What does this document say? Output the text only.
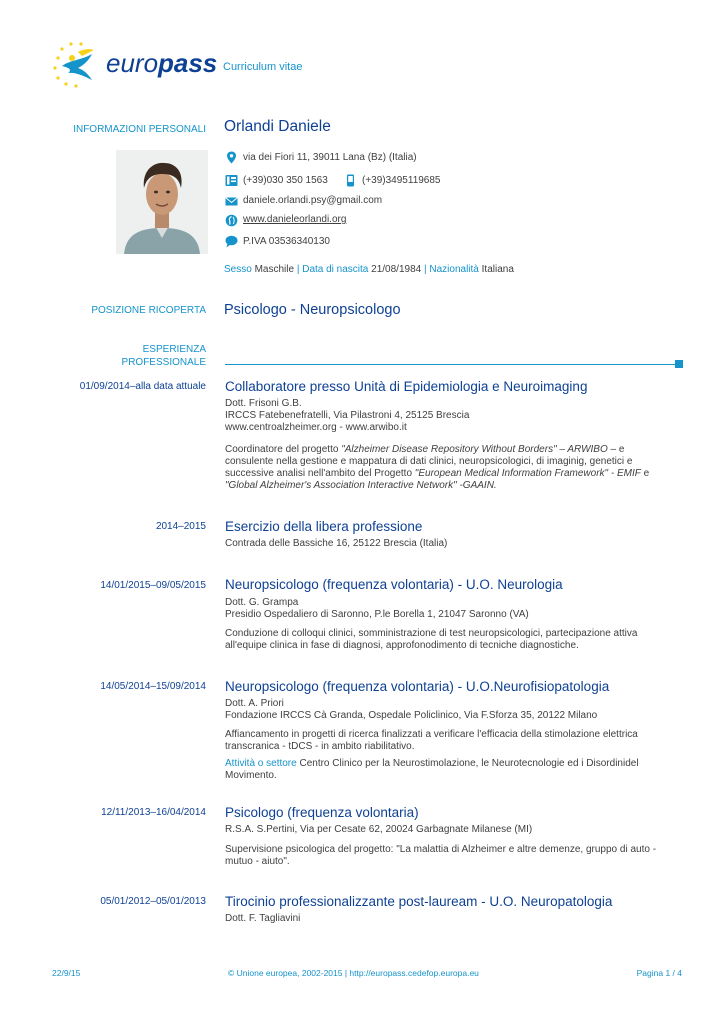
euro pass Curriculum vitae
INFORMAZIONI PERSONALI Orlandi Daniele
via dei Fiori 11, 39011 Lana (Bz) (Italia)
(+39)030 350 1563	(+39)3495119685
daniele.orlandi.psy@gmail.com
www.danieleorlandi.org
P.IVA 03536340130
Sesso Maschile | Data di nascita 21/08/1984 | Nazionalità Italiana
POSIZIONE RICOPERTA Psicologo - Neuropsicologo
ESPERIENZA
PROFESSIONALE
01/09/2014–alla data attuale Collaboratore presso Unità di Epidemiologia e Neuroimaging
Dott. Frisoni G.B.
IRCCS Fatebenefratelli, Via Pilastroni 4, 25125 Brescia
www.centroalzheimer.org - www.arwibo.it
Coordinatore del progetto "Alzheimer Disease Repository Without Borders" – ARWIBO – e consulente nella gestione e mappatura di dati clinici, neuropsicologici, di imaginig, genetici e successive analisi nell'ambito del Progetto "European Medical Information Framework" - EMIF e "Global Alzheimer's Association Interactive Network" -GAAIN.
2014–2015 Esercizio della libera professione
Contrada delle Bassiche 16, 25122 Brescia (Italia)
14/01/2015–09/05/2015 Neuropsicologo (frequenza volontaria) - U.O. Neurologia
Dott. G. Grampa
Presidio Ospedaliero di Saronno, P.le Borella 1, 21047 Saronno (VA)
Conduzione di colloqui clinici, somministrazione di test neuropsicologici, partecipazione attiva all'equipe clinica in fase di diagnosi, approfonodimento di tecniche diagnostiche.
14/05/2014–15/09/2014 Neuropsicologo (frequenza volontaria) - U.O.Neurofisiopatologia
Dott. A. Priori
Fondazione IRCCS Cà Granda, Ospedale Policlinico, Via F.Sforza 35, 20122 Milano
Affiancamento in progetti di ricerca finalizzati a verificare l'efficacia della stimolazione elettrica transcranica - tDCS - in ambito riabilitativo.
Attività o settore Centro Clinico per la Neurostimolazione, le Neurotecnologie ed i Disordinidel Movimento.
12/11/2013–16/04/2014 Psicologo (frequenza volontaria)
R.S.A. S.Pertini, Via per Cesate 62, 20024 Garbagnate Milanese (MI)
Supervisione psicologica del progetto: "La malattia di Alzheimer e altre demenze, gruppo di auto - mutuo - aiuto".
05/01/2012–05/01/2013 Tirocinio professionalizzante post-lauream - U.O. Neuropatologia
Dott. F. Tagliavini
22/9/15	© Unione europea, 2002-2015 | http://europass.cedefop.europa.eu	Pagina 1 / 4
